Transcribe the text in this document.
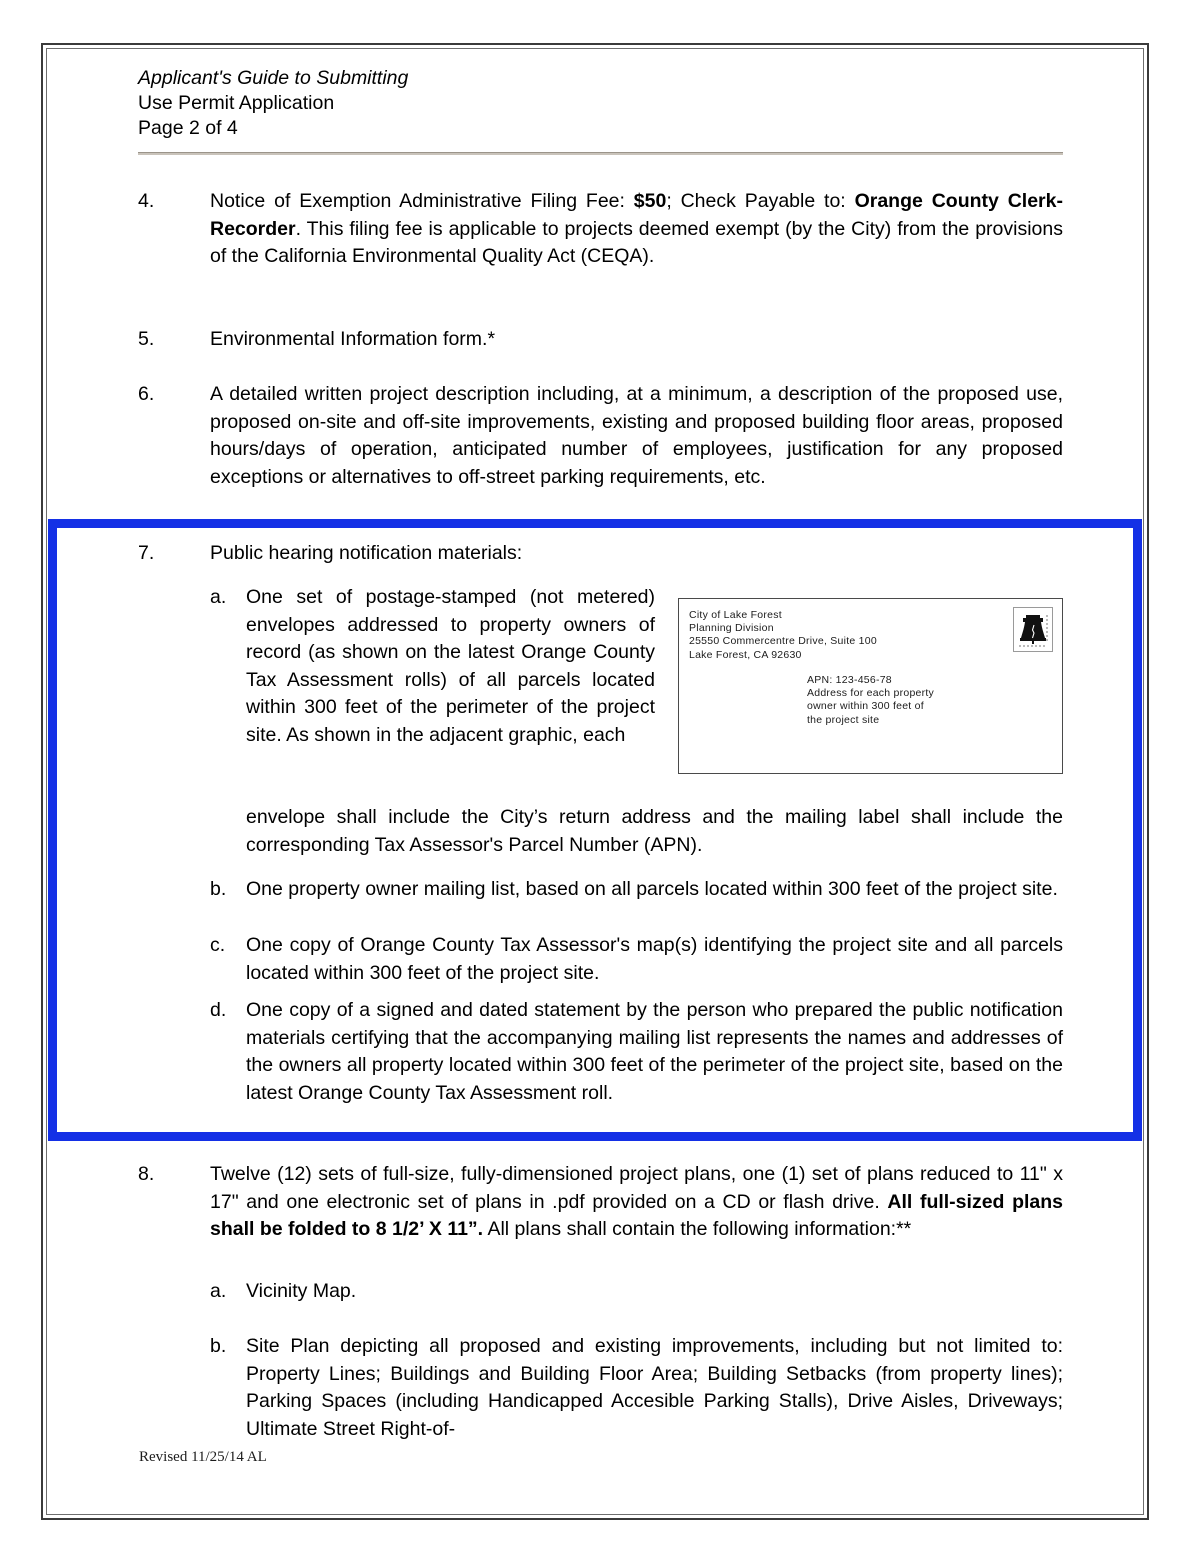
Applicant's Guide to Submitting
Use Permit Application
Page 2 of 4
4.	Notice of Exemption Administrative Filing Fee: $50; Check Payable to: Orange County Clerk-Recorder. This filing fee is applicable to projects deemed exempt (by the City) from the provisions of the California Environmental Quality Act (CEQA).
5.	Environmental Information form.*
6.	A detailed written project description including, at a minimum, a description of the proposed use, proposed on-site and off-site improvements, existing and proposed building floor areas, proposed hours/days of operation, anticipated number of employees, justification for any proposed exceptions or alternatives to off-street parking requirements, etc.
7.	Public hearing notification materials:
a.	One set of postage-stamped (not metered) envelopes addressed to property owners of record (as shown on the latest Orange County Tax Assessment rolls) of all parcels located within 300 feet of the perimeter of the project site. As shown in the adjacent graphic, each
envelope shall include the City’s return address and the mailing label shall include the corresponding Tax Assessor's Parcel Number (APN).
b.	One property owner mailing list, based on all parcels located within 300 feet of the project site.
c.	One copy of Orange County Tax Assessor's map(s) identifying the project site and all parcels located within 300 feet of the project site.
d.	One copy of a signed and dated statement by the person who prepared the public notification materials certifying that the accompanying mailing list represents the names and addresses of the owners all property located within 300 feet of the perimeter of the project site, based on the latest Orange County Tax Assessment roll.
City of Lake Forest
Planning Division
25550 Commercentre Drive, Suite 100
Lake Forest, CA 92630
APN: 123-456-78
Address for each property
owner within 300 feet of
the project site
8.	Twelve (12) sets of full-size, fully-dimensioned project plans, one (1) set of plans reduced to 11" x 17" and one electronic set of plans in .pdf provided on a CD or flash drive. All full-sized plans shall be folded to 8 1/2’ X 11”. All plans shall contain the following information:**
a.	Vicinity Map.
b.	Site Plan depicting all proposed and existing improvements, including but not limited to: Property Lines; Buildings and Building Floor Area; Building Setbacks (from property lines); Parking Spaces (including Handicapped Accesible Parking Stalls), Drive Aisles, Driveways; Ultimate Street Right-of-
Revised 11/25/14 AL
